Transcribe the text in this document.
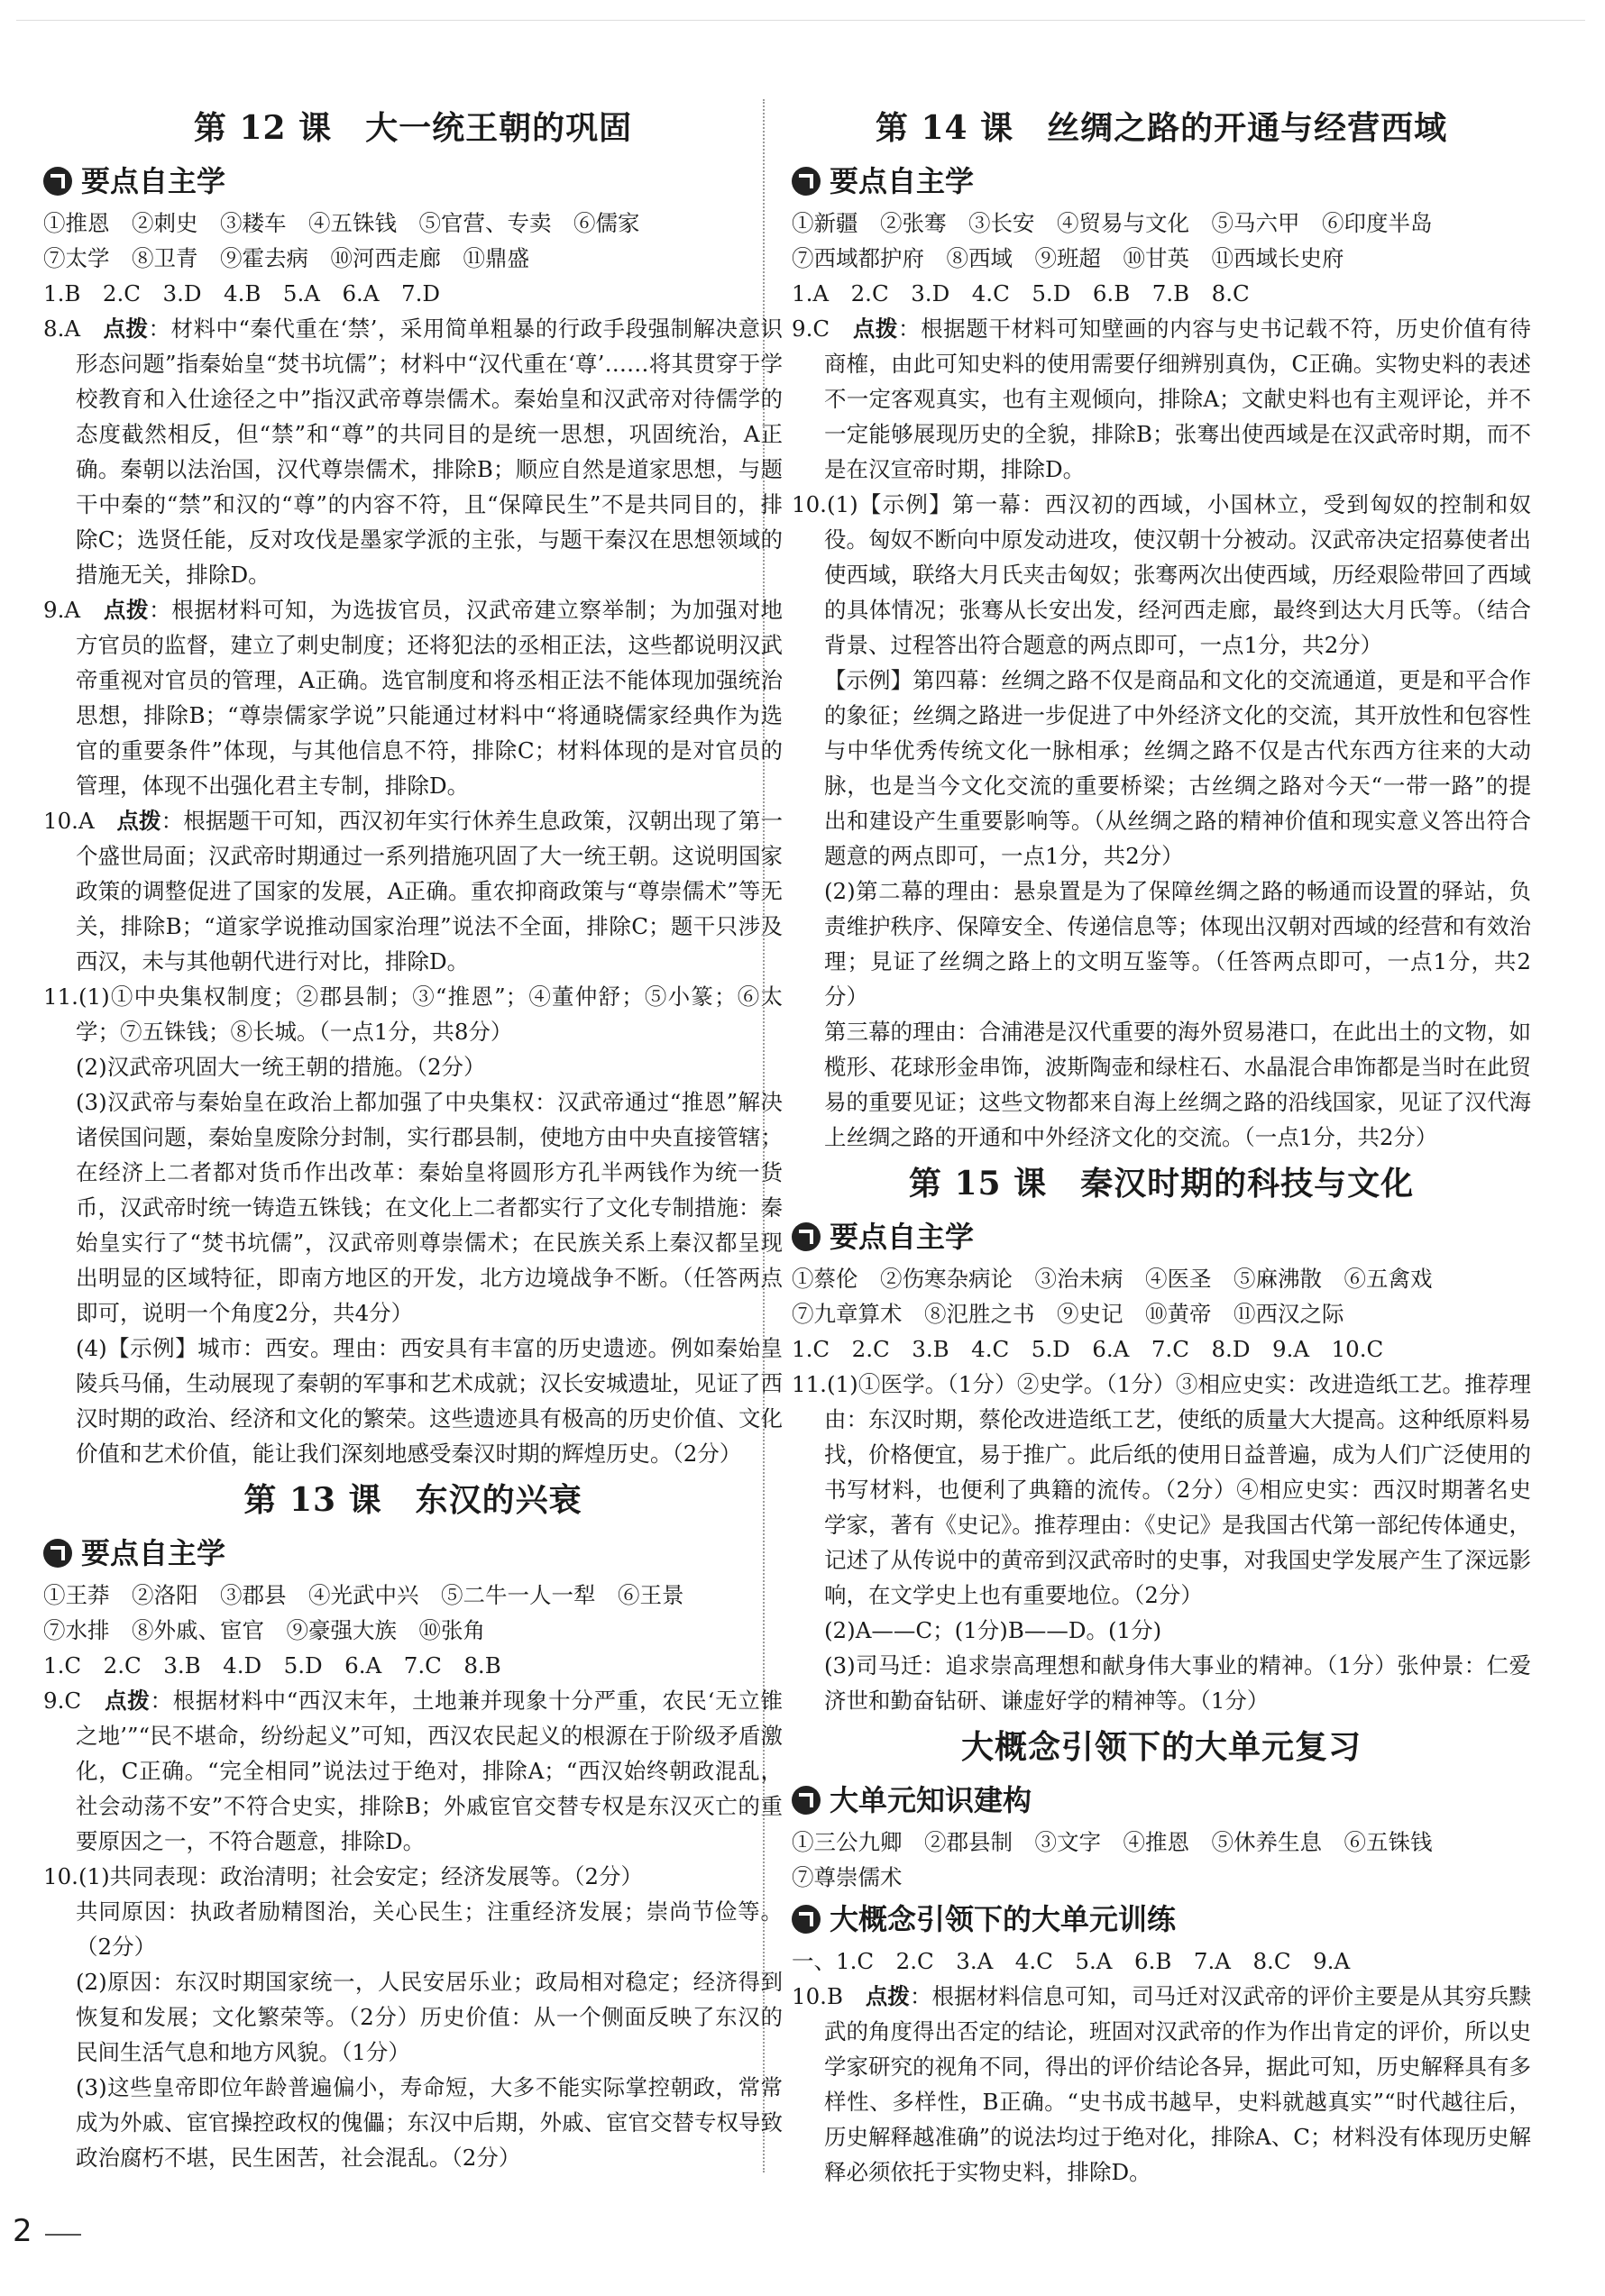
第 12 课　大一统王朝的巩固
要点自主学
①推恩　②刺史　③耧车　④五铢钱　⑤官营、专卖　⑥儒家
⑦太学　⑧卫青　⑨霍去病　⑩河西走廊　⑪鼎盛
1.B　2.C　3.D　4.B　5.A　6.A　7.D
8.A　 点拨：材料中“秦代重在‘禁’，采用简单粗暴的行政手段强制解决意识形态问题”指秦始皇“焚书坑儒”；材料中“汉代重在‘尊’……将其贯穿于学校教育和入仕途径之中”指汉武帝尊崇儒术。秦始皇和汉武帝对待儒学的态度截然相反，但“禁”和“尊”的共同目的是统一思想，巩固统治，A正确。秦朝以法治国，汉代尊崇儒术，排除B；顺应自然是道家思想，与题干中秦的“禁”和汉的“尊”的内容不符，且“保障民生”不是共同目的，排除C；选贤任能，反对攻伐是墨家学派的主张，与题干秦汉在思想领域的措施无关，排除D。
9.A　 点拨：根据材料可知，为选拔官员，汉武帝建立察举制；为加强对地方官员的监督，建立了刺史制度；还将犯法的丞相正法，这些都说明汉武帝重视对官员的管理，A正确。选官制度和将丞相正法不能体现加强统治思想，排除B；“尊崇儒家学说”只能通过材料中“将通晓儒家经典作为选官的重要条件”体现，与其他信息不符，排除C；材料体现的是对官员的管理，体现不出强化君主专制，排除D。
10.A　 点拨：根据题干可知，西汉初年实行休养生息政策，汉朝出现了第一个盛世局面；汉武帝时期通过一系列措施巩固了大一统王朝。这说明国家政策的调整促进了国家的发展，A正确。重农抑商政策与“尊崇儒术”等无关，排除B；“道家学说推动国家治理”说法不全面，排除C；题干只涉及西汉，未与其他朝代进行对比，排除D。
11.(1)①中央集权制度；②郡县制；③“推恩”；④董仲舒；⑤小篆；⑥太学；⑦五铢钱；⑧长城。（一点1分，共8分）
(2)汉武帝巩固大一统王朝的措施。（2分）
(3)汉武帝与秦始皇在政治上都加强了中央集权：汉武帝通过“推恩”解决诸侯国问题，秦始皇废除分封制，实行郡县制，使地方由中央直接管辖；在经济上二者都对货币作出改革：秦始皇将圆形方孔半两钱作为统一货币，汉武帝时统一铸造五铢钱；在文化上二者都实行了文化专制措施：秦始皇实行了“焚书坑儒”，汉武帝则尊崇儒术；在民族关系上秦汉都呈现出明显的区域特征，即南方地区的开发，北方边境战争不断。（任答两点即可，说明一个角度2分，共4分）
(4)【示例】城市：西安。理由：西安具有丰富的历史遗迹。例如秦始皇陵兵马俑，生动展现了秦朝的军事和艺术成就；汉长安城遗址，见证了西汉时期的政治、经济和文化的繁荣。这些遗迹具有极高的历史价值、文化价值和艺术价值，能让我们深刻地感受秦汉时期的辉煌历史。（2分）
第 13 课　东汉的兴衰
要点自主学
①王莽　②洛阳　③郡县　④光武中兴　⑤二牛一人一犁　⑥王景
⑦水排　⑧外戚、宦官　⑨豪强大族　⑩张角
1.C　2.C　3.B　4.D　5.D　6.A　7.C　8.B
9.C　 点拨：根据材料中“西汉末年，土地兼并现象十分严重，农民‘无立锥之地’”“民不堪命，纷纷起义”可知，西汉农民起义的根源在于阶级矛盾激化，C正确。“完全相同”说法过于绝对，排除A；“西汉始终朝政混乱，社会动荡不安”不符合史实，排除B；外戚宦官交替专权是东汉灭亡的重要原因之一，不符合题意，排除D。
10.(1)共同表现：政治清明；社会安定；经济发展等。（2分）
共同原因：执政者励精图治，关心民生；注重经济发展；崇尚节俭等。（2分）
(2)原因：东汉时期国家统一，人民安居乐业；政局相对稳定；经济得到恢复和发展；文化繁荣等。（2分）历史价值：从一个侧面反映了东汉的民间生活气息和地方风貌。（1分）
(3)这些皇帝即位年龄普遍偏小，寿命短，大多不能实际掌控朝政，常常成为外戚、宦官操控政权的傀儡；东汉中后期，外戚、宦官交替专权导致政治腐朽不堪，民生困苦，社会混乱。（2分）
第 14 课　丝绸之路的开通与经营西域
要点自主学
①新疆　②张骞　③长安　④贸易与文化　⑤马六甲　⑥印度半岛
⑦西域都护府　⑧西域　⑨班超　⑩甘英　⑪西域长史府
1.A　2.C　3.D　4.C　5.D　6.B　7.B　8.C
9.C　 点拨：根据题干材料可知壁画的内容与史书记载不符，历史价值有待商榷，由此可知史料的使用需要仔细辨别真伪，C正确。实物史料的表述不一定客观真实，也有主观倾向，排除A；文献史料也有主观评论，并不一定能够展现历史的全貌，排除B；张骞出使西域是在汉武帝时期，而不是在汉宣帝时期，排除D。
10.(1)【示例】第一幕：西汉初的西域，小国林立，受到匈奴的控制和奴役。匈奴不断向中原发动进攻，使汉朝十分被动。汉武帝决定招募使者出使西域，联络大月氏夹击匈奴；张骞两次出使西域，历经艰险带回了西域的具体情况；张骞从长安出发，经河西走廊，最终到达大月氏等。（结合背景、过程答出符合题意的两点即可，一点1分，共2分）
【示例】第四幕：丝绸之路不仅是商品和文化的交流通道，更是和平合作的象征；丝绸之路进一步促进了中外经济文化的交流，其开放性和包容性与中华优秀传统文化一脉相承；丝绸之路不仅是古代东西方往来的大动脉，也是当今文化交流的重要桥梁；古丝绸之路对今天“一带一路”的提出和建设产生重要影响等。（从丝绸之路的精神价值和现实意义答出符合题意的两点即可，一点1分，共2分）
(2)第二幕的理由：悬泉置是为了保障丝绸之路的畅通而设置的驿站，负责维护秩序、保障安全、传递信息等；体现出汉朝对西域的经营和有效治理；見证了丝绸之路上的文明互鉴等。（任答两点即可，一点1分，共2分）
第三幕的理由：合浦港是汉代重要的海外贸易港口，在此出土的文物，如榄形、花球形金串饰，波斯陶壶和绿柱石、水晶混合串饰都是当时在此贸易的重要见证；这些文物都来自海上丝绸之路的沿线国家，见证了汉代海上丝绸之路的开通和中外经济文化的交流。（一点1分，共2分）
第 15 课　秦汉时期的科技与文化
要点自主学
①蔡伦　②伤寒杂病论　③治未病　④医圣　⑤麻沸散　⑥五禽戏
⑦九章算术　⑧氾胜之书　⑨史记　⑩黄帝　⑪西汉之际
1.C　2.C　3.B　4.C　5.D　6.A　7.C　8.D　9.A　10.C
11.(1)①医学。（1分）②史学。（1分）③相应史实：改进造纸工艺。推荐理由：东汉时期，蔡伦改进造纸工艺，使纸的质量大大提高。这种纸原料易找，价格便宜，易于推广。此后纸的使用日益普遍，成为人们广泛使用的书写材料，也便利了典籍的流传。（2分）④相应史实：西汉时期著名史学家，著有《史记》。推荐理由：《史记》是我国古代第一部纪传体通史，记述了从传说中的黄帝到汉武帝时的史事，对我国史学发展产生了深远影响，在文学史上也有重要地位。（2分）
(2)A——C；(1分)B——D。(1分)
(3)司马迁：追求崇高理想和献身伟大事业的精神。（1分）张仲景：仁爱济世和勤奋钻研、谦虚好学的精神等。（1分）
大概念引领下的大单元复习
大单元知识建构
①三公九卿　②郡县制　③文字　④推恩　⑤休养生息　⑥五铢钱
⑦尊崇儒术
大概念引领下的大单元训练
一、1.C　2.C　3.A　4.C　5.A　6.B　7.A　8.C　9.A
10.B　 点拨：根据材料信息可知，司马迁对汉武帝的评价主要是从其穷兵黩武的角度得出否定的结论，班固对汉武帝的作为作出肯定的评价，所以史学家研究的视角不同，得出的评价结论各异，据此可知，历史解释具有多样性、多样性，B正确。“史书成书越早，史料就越真实”“时代越往后，历史解释越准确”的说法均过于绝对化，排除A、C；材料没有体现历史解释必须依托于实物史料，排除D。
2
